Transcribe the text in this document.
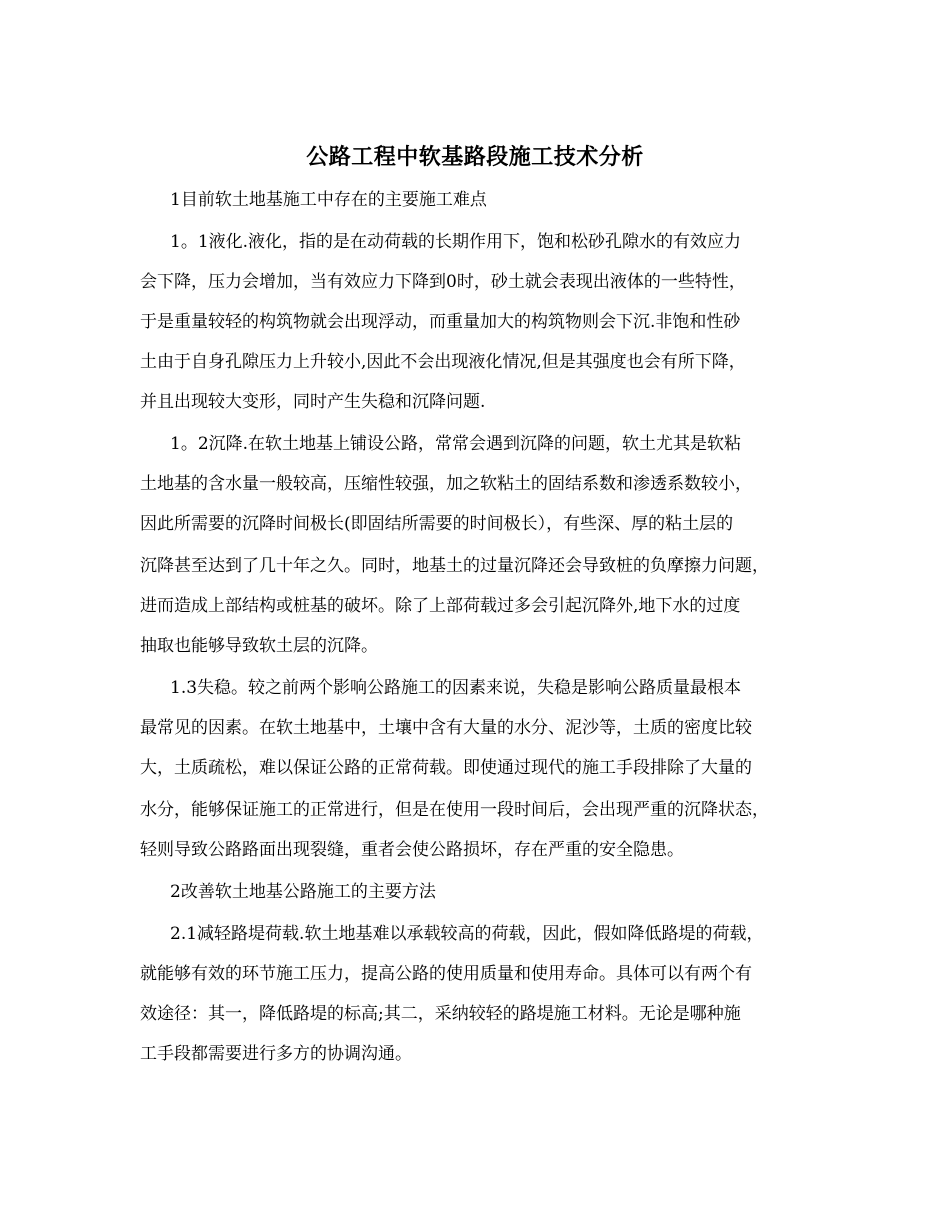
公路工程中软基路段施工技术分析
1目前软土地基施工中存在的主要施工难点
1。1液化.液化，指的是在动荷载的长期作用下，饱和松砂孔隙水的有效应力
会下降，压力会增加，当有效应力下降到0时，砂土就会表现出液体的一些特性，
于是重量较轻的构筑物就会出现浮动，而重量加大的构筑物则会下沉.非饱和性砂
土由于自身孔隙压力上升较小,因此不会出现液化情况,但是其强度也会有所下降，
并且出现较大变形，同时产生失稳和沉降问题.
1。2沉降.在软土地基上铺设公路，常常会遇到沉降的问题，软土尤其是软粘
土地基的含水量一般较高，压缩性较强，加之软粘土的固结系数和渗透系数较小，
因此所需要的沉降时间极长(即固结所需要的时间极长），有些深、厚的粘土层的
沉降甚至达到了几十年之久。同时，地基土的过量沉降还会导致桩的负摩擦力问题，
进而造成上部结构或桩基的破坏。除了上部荷载过多会引起沉降外,地下水的过度
抽取也能够导致软土层的沉降。
1.3失稳。较之前两个影响公路施工的因素来说，失稳是影响公路质量最根本
最常见的因素。在软土地基中，土壤中含有大量的水分、泥沙等，土质的密度比较
大，土质疏松，难以保证公路的正常荷载。即使通过现代的施工手段排除了大量的
水分，能够保证施工的正常进行，但是在使用一段时间后，会出现严重的沉降状态，
轻则导致公路路面出现裂缝，重者会使公路损坏，存在严重的安全隐患。
2改善软土地基公路施工的主要方法
2.1减轻路堤荷载.软土地基难以承载较高的荷载，因此，假如降低路堤的荷载，
就能够有效的环节施工压力，提高公路的使用质量和使用寿命。具体可以有两个有
效途径：其一，降低路堤的标高;其二，采纳较轻的路堤施工材料。无论是哪种施
工手段都需要进行多方的协调沟通。
